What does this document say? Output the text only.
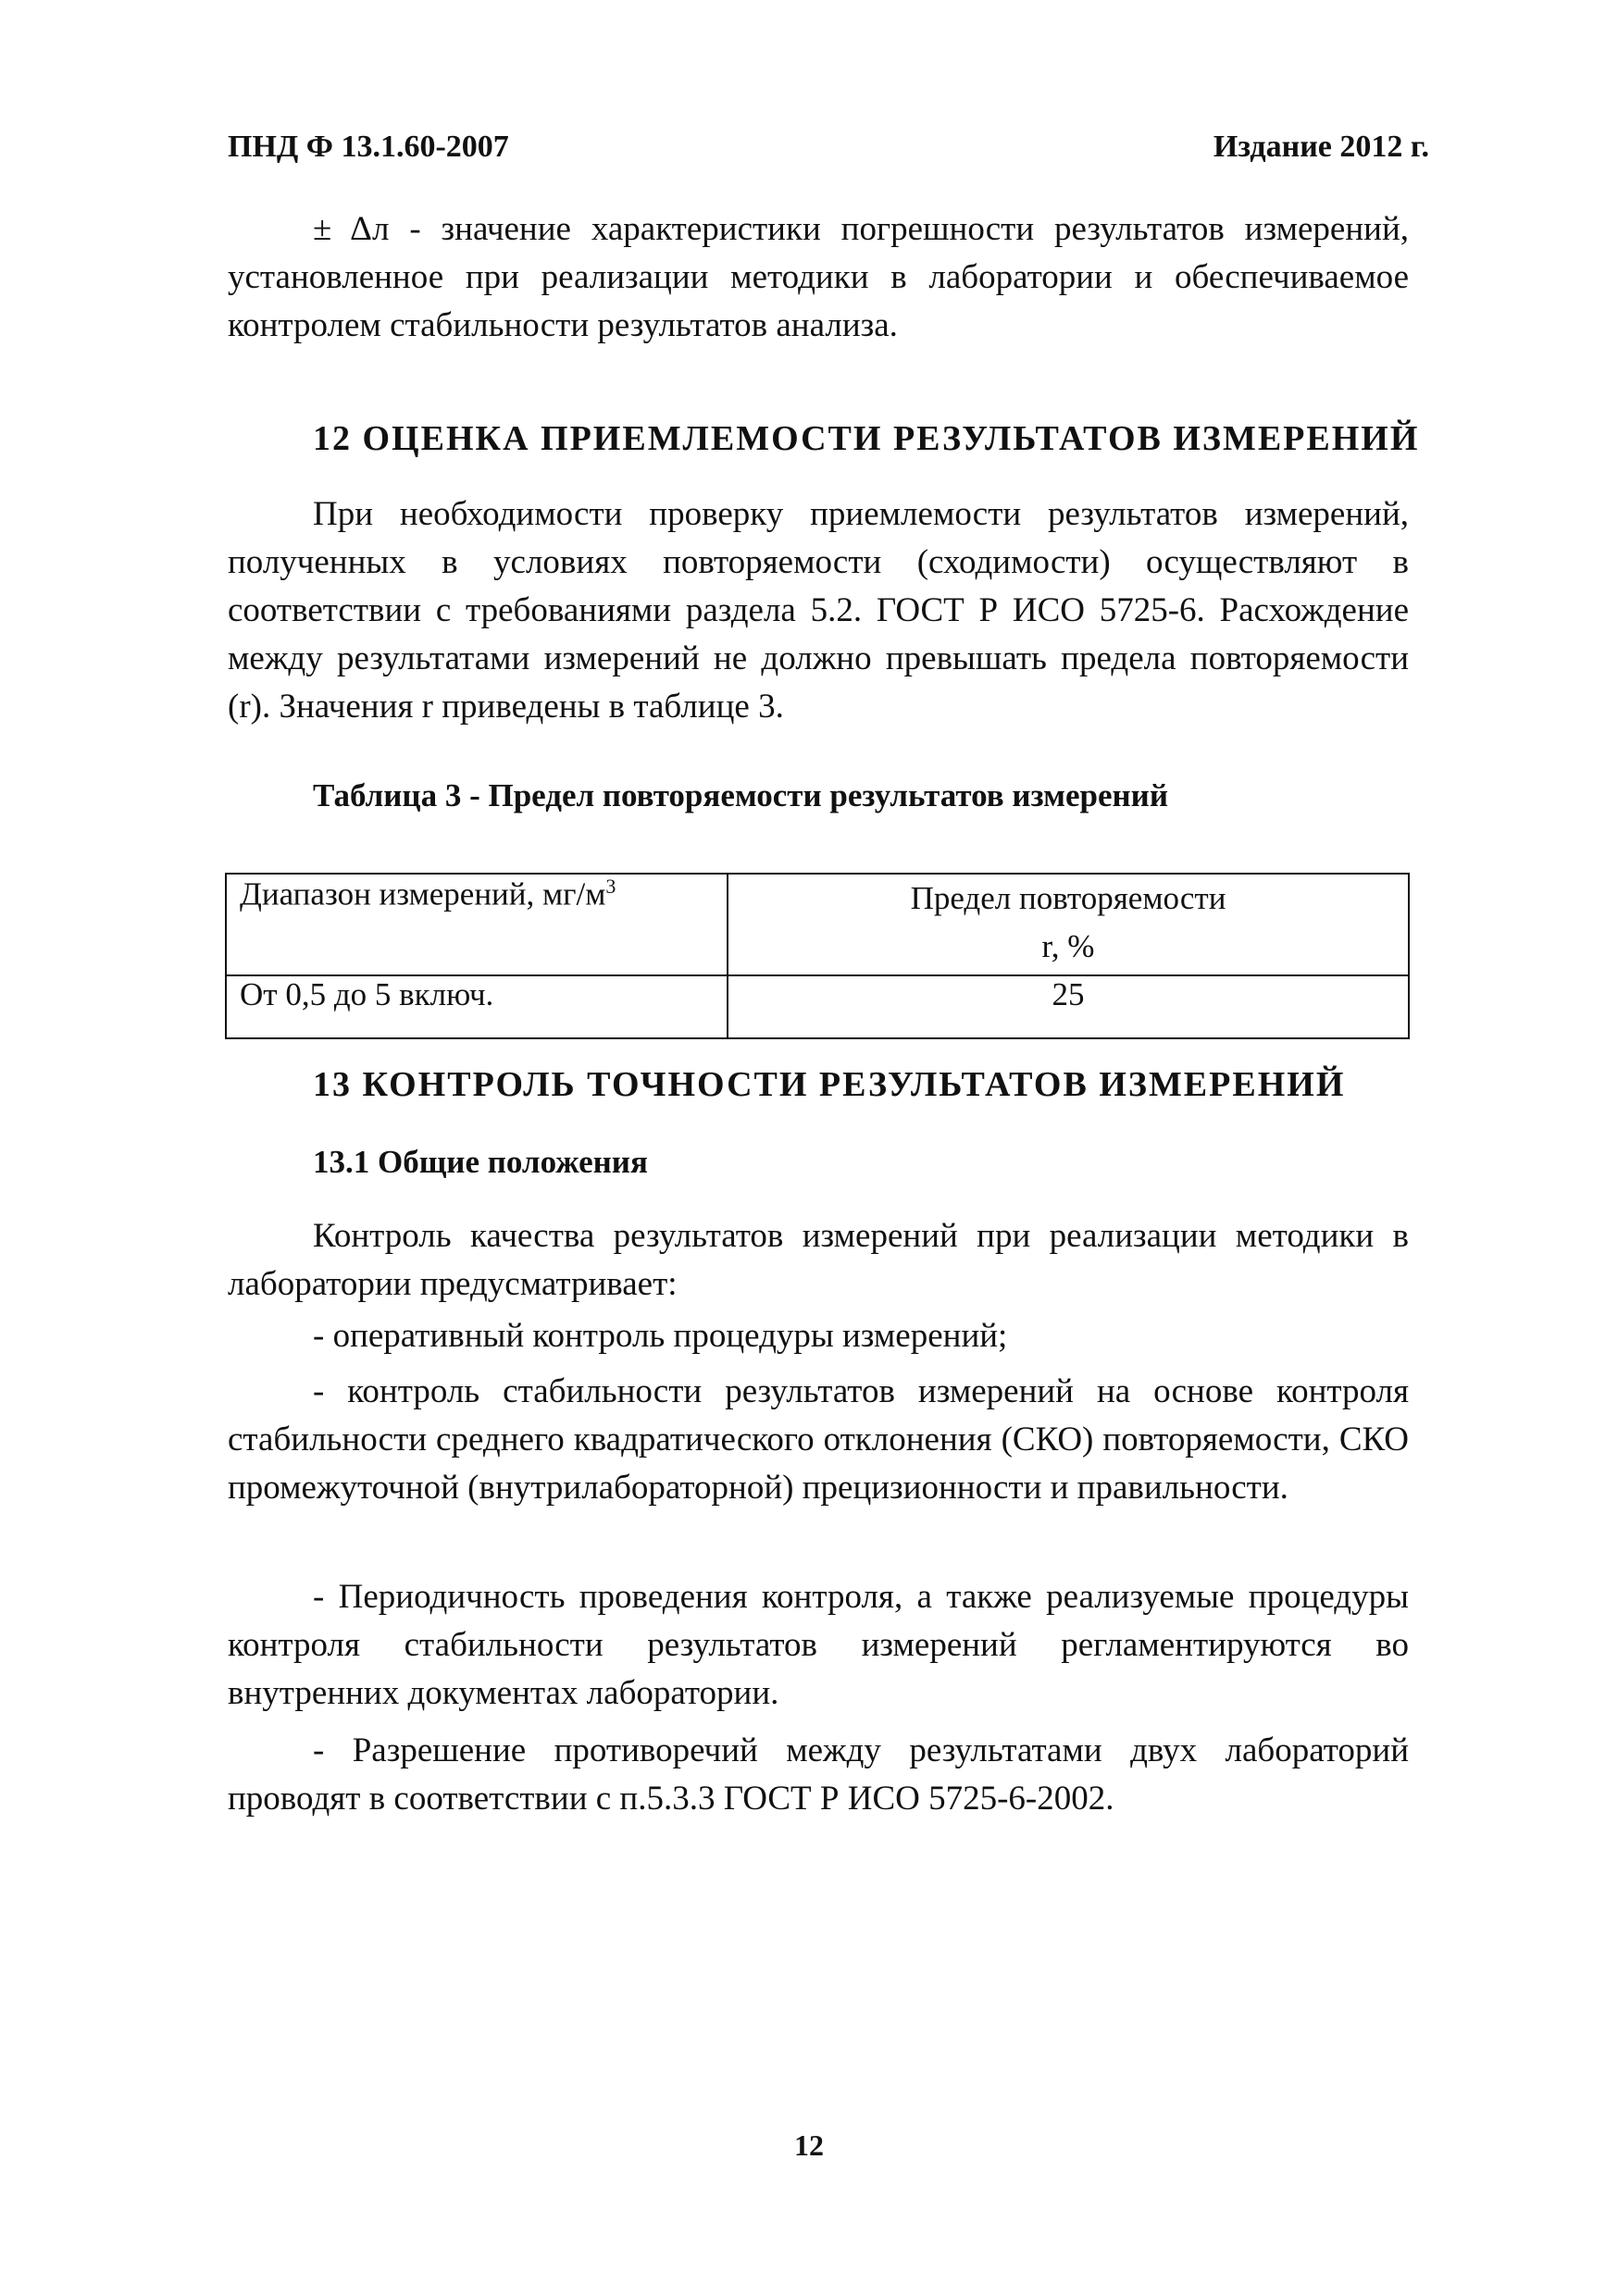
ПНД Ф 13.1.60-2007	Издание 2012 г.

± Δл - значение характеристики погрешности результатов измерений, установленное при реализации методики в лаборатории и обеспечиваемое контролем стабильности результатов анализа.

12 ОЦЕНКА ПРИЕМЛЕМОСТИ РЕЗУЛЬТАТОВ ИЗМЕРЕНИЙ

При необходимости проверку приемлемости результатов измерений, полученных в условиях повторяемости (сходимости) осуществляют в соответствии с требованиями раздела 5.2. ГОСТ Р ИСО 5725-6. Расхождение между результатами измерений не должно превышать предела повторяемости (r). Значения r приведены в таблице 3.

Таблица 3 - Предел повторяемости результатов измерений
Диапазон измерений, $мг/м^3$	Предел повторяемости
r, %

От 0,5 до 5 включ.	25
13 КОНТРОЛЬ ТОЧНОСТИ РЕЗУЛЬТАТОВ ИЗМЕРЕНИЙ
13.1 Общие положения

Контроль качества результатов измерений при реализации методики в лаборатории предусматривает:

- оперативный контроль процедуры измерений;

- контроль стабильности результатов измерений на основе контроля стабильности среднего квадратического отклонения (СКО) повторяемости, СКО промежуточной (внутрилабораторной) прецизионности и правильности.

- Периодичность проведения контроля, а также реализуемые процедуры контроля стабильности результатов измерений регламентируются во внутренних документах лаборатории.

- Разрешение противоречий между результатами двух лабораторий проводят в соответствии с п.5.3.3 ГОСТ Р ИСО 5725-6-2002.

12
